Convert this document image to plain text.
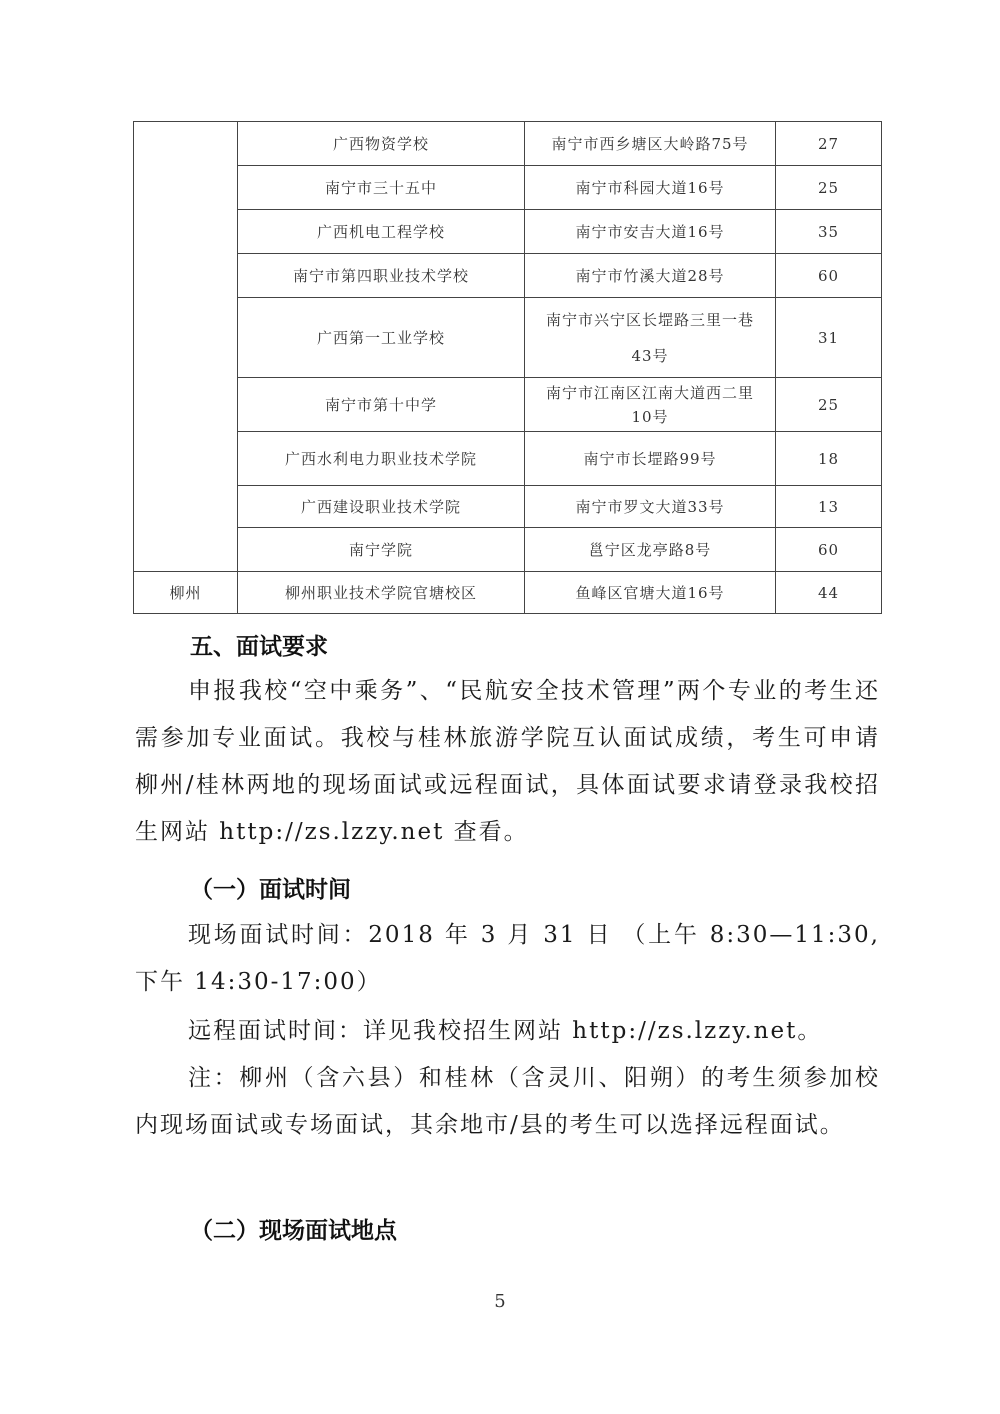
	广西物资学校	南宁市西乡塘区大岭路75号	27
	南宁市三十五中	南宁市科园大道16号	25
	广西机电工程学校	南宁市安吉大道16号	35
	南宁市第四职业技术学校	南宁市竹溪大道28号	60
	广西第一工业学校	南宁市兴宁区长堽路三里一巷
43号	31
	南宁市第十中学	南宁市江南区江南大道西二里
10号	25
	广西水利电力职业技术学院	南宁市长堽路99号	18
	广西建设职业技术学院	南宁市罗文大道33号	13
	南宁学院	邕宁区龙亭路8号	60
柳州	柳州职业技术学院官塘校区	鱼峰区官塘大道16号	44
五、面试要求

申报我校“空中乘务”、“民航安全技术管理”两个专业的考生还需参加专业面试。我校与桂林旅游学院互认面试成绩，考生可申请柳州/桂林两地的现场面试或远程面试，具体面试要求请登录我校招生网站 http://zs.lzzy.net 查看。

（一）面试时间

现场面试时间：2018 年 3 月 31 日 （上午 8:30—11:30,下午 14:30-17:00）

远程面试时间：详见我校招生网站 http://zs.lzzy.net。

注：柳州（含六县）和桂林（含灵川、阳朔）的考生须参加校内现场面试或专场面试，其余地市/县的考生可以选择远程面试。

（二）现场面试地点
5
